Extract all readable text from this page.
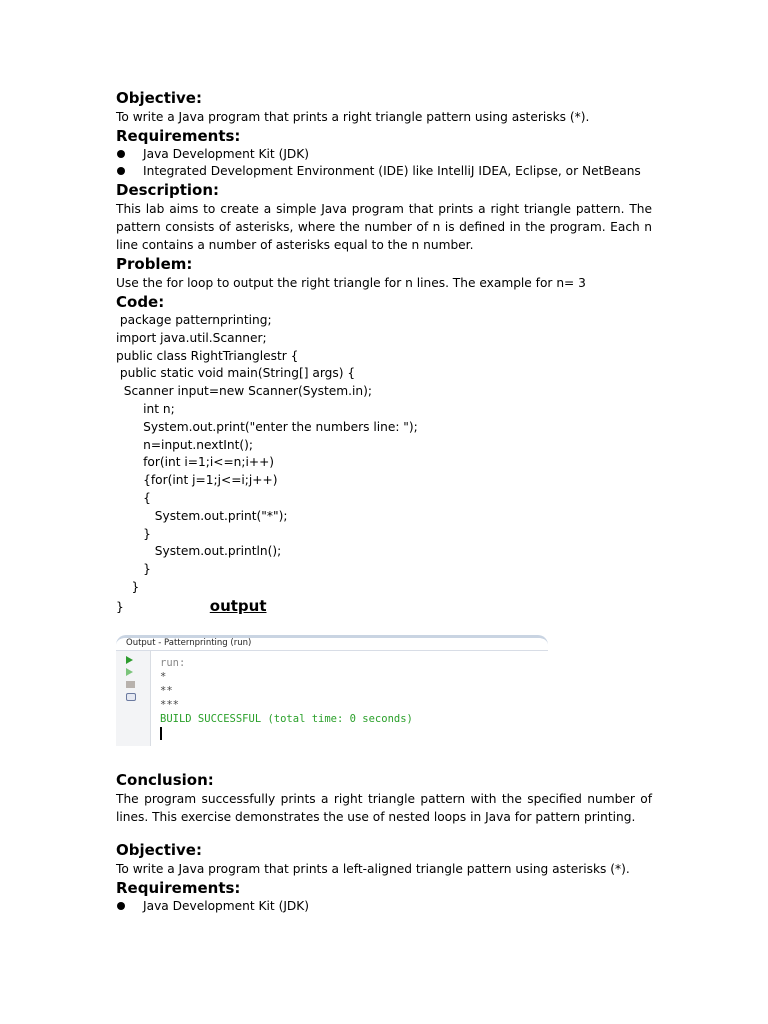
Objective:

To write a Java program that prints a right triangle pattern using asterisks (*).

Requirements:

Java Development Kit (JDK)
Integrated Development Environment (IDE) like IntelliJ IDEA, Eclipse, or NetBeans

Description:

This lab aims to create a simple Java program that prints a right triangle pattern. The pattern consists of asterisks, where the number of n is defined in the program. Each n line contains a number of asterisks equal to the n number.

Problem:

Use the for loop to output the right triangle for n lines. The example for n= 3

Code:

package patternprinting;

import java.util.Scanner;

public class RightTrianglestr {

public static void main(String[] args) {

Scanner input=new Scanner(System.in);

int n;

System.out.print("enter the numbers line: ");

n=input.nextInt();

for(int i=1;i<=n;i++)

{for(int j=1;j<=i;j++)

{

System.out.print("*");

}

System.out.println();

}

}

}	output
Output - Patternprinting (run)
run:
*
**
***
BUILD SUCCESSFUL (total time: 0 seconds)

Conclusion:

The program successfully prints a right triangle pattern with the specified number of lines. This exercise demonstrates the use of nested loops in Java for pattern printing.

Objective:

To write a Java program that prints a left-aligned triangle pattern using asterisks (*).

Requirements:

Java Development Kit (JDK)
